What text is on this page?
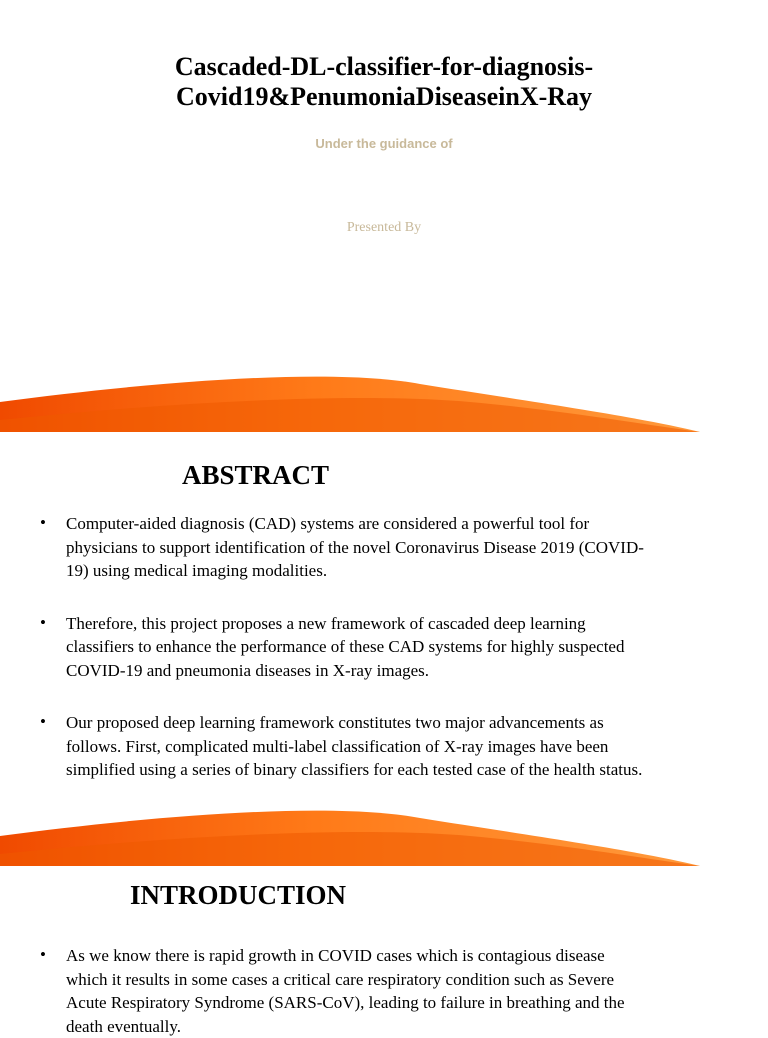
Cascaded-DL-classifier-for-diagnosis-
Covid19&PenumoniaDiseaseinX-Ray
Under the guidance of
Presented By
ABSTRACT
• Computer-aided diagnosis (CAD) systems are considered a powerful tool for
physicians to support identification of the novel Coronavirus Disease 2019 (COVID-
19) using medical imaging modalities.
• Therefore, this project proposes a new framework of cascaded deep learning
classifiers to enhance the performance of these CAD systems for highly suspected
COVID-19 and pneumonia diseases in X-ray images.
• Our proposed deep learning framework constitutes two major advancements as
follows. First, complicated multi-label classification of X-ray images have been
simplified using a series of binary classifiers for each tested case of the health status.
INTRODUCTION
• As we know there is rapid growth in COVID cases which is contagious disease
which it results in some cases a critical care respiratory condition such as Severe
Acute Respiratory Syndrome (SARS-CoV), leading to failure in breathing and the
death eventually.
